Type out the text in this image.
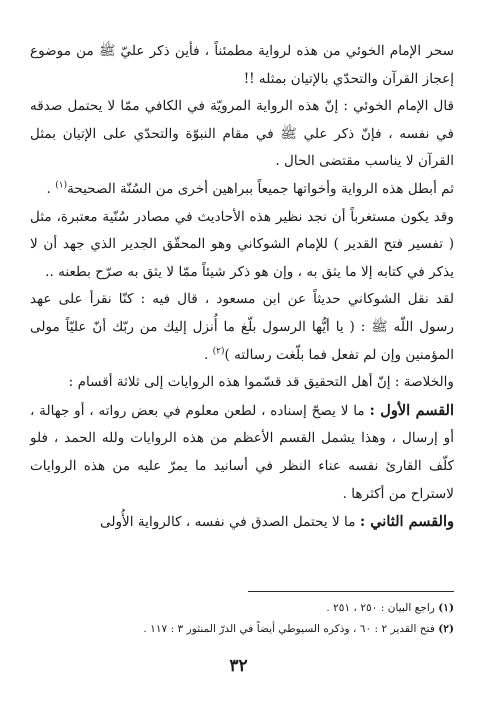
سحر الإمام الخوئي من هذه لرواية مطمئناً ، فأين ذكر عليّ ﷺ من موضوع إعجاز القرآن والتحدّي بالإتيان بمثله !!

قال الإمام الخوئي : إنّ هذه الرواية المرويّة في الكافي ممّا لا يحتمل صدقه في نفسه ، فإنّ ذكر علي ﷺ في مقام النبوّة والتحدّي على الإتيان بمثل القرآن لا يناسب مقتضى الحال .

ثم أبطل هذه الرواية وأخواتها جميعاً ببراهين أخرى من السُنّة الصحيحة$^{(١)}$ .

وقد يكون مستغرباً أن نجد نظير هذه الأحاديث في مصادر سُنّية معتبرة، مثل ( تفسير فتح القدير ) للإمام الشوكاني وهو المحقّق الجدير الذي جهد أن لا يذكر في كتابه إلا ما يثق به ، وإن هو ذكر شيئاً ممّا لا يثق به صرّح بطعنه ..

لقد نقل الشوكاني حديثاً عن ابن مسعود ، قال فيه : كنّا نقرأ على عهد رسول اللّه ﷺ : ( يا أيُّها الرسول بلّغ ما أُنزل إليك من ربّك أنّ عليّاً مولى المؤمنين وإن لم تفعل فما بلّغت رسالته )$^{(٢)}$ .

والخلاصة : إنّ أهل التحقيق قد قسّموا هذه الروايات إلى ثلاثة أقسام :

القسم الأول : ما لا يصحّ إسناده ، لطعن معلوم في بعض رواته ، أو جهالة ، أو إرسال ، وهذا يشمل القسم الأعظم من هذه الروايات ولله الحمد ، فلو كلّف القارئ نفسه عناء النظر في أسانيد ما يمرّ عليه من هذه الروايات لاستراح من أكثرها .

والقسم الثاني : ما لا يحتمل الصدق في نفسه ، كالرواية الأُولى

(١) راجع البيان : ٢٥٠ ، ٢٥١ .

(٢) فتح القدير ٢ : ٦٠ ، وذكره السيوطي أيضاً في الدرّ المنثور ٣ : ١١٧ .

٣٢
